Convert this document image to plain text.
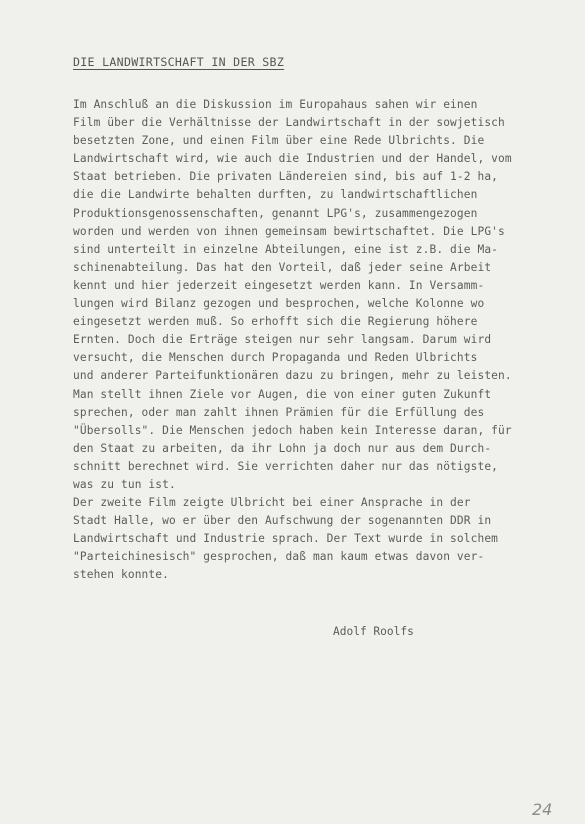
DIE LANDWIRTSCHAFT IN DER SBZ
Im Anschluß an die Diskussion im Europahaus sahen wir einen
Film über die Verhältnisse der Landwirtschaft in der sowjetisch
besetzten Zone, und einen Film über eine Rede Ulbrichts. Die
Landwirtschaft wird, wie auch die Industrien und der Handel, vom
Staat betrieben. Die privaten Ländereien sind, bis auf 1-2 ha,
die die Landwirte behalten durften, zu landwirtschaftlichen
Produktionsgenossenschaften, genannt LPG's, zusammengezogen
worden und werden von ihnen gemeinsam bewirtschaftet. Die LPG's
sind unterteilt in einzelne Abteilungen, eine ist z.B. die Ma-
schinenabteilung. Das hat den Vorteil, daß jeder seine Arbeit
kennt und hier jederzeit eingesetzt werden kann. In Versamm-
lungen wird Bilanz gezogen und besprochen, welche Kolonne wo
eingesetzt werden muß. So erhofft sich die Regierung höhere
Ernten. Doch die Erträge steigen nur sehr langsam. Darum wird
versucht, die Menschen durch Propaganda und Reden Ulbrichts
und anderer Parteifunktionären dazu zu bringen, mehr zu leisten.
Man stellt ihnen Ziele vor Augen, die von einer guten Zukunft
sprechen, oder man zahlt ihnen Prämien für die Erfüllung des
"Übersolls". Die Menschen jedoch haben kein Interesse daran, für
den Staat zu arbeiten, da ihr Lohn ja doch nur aus dem Durch-
schnitt berechnet wird. Sie verrichten daher nur das nötigste,
was zu tun ist.
Der zweite Film zeigte Ulbricht bei einer Ansprache in der
Stadt Halle, wo er über den Aufschwung der sogenannten DDR in
Landwirtschaft und Industrie sprach. Der Text wurde in solchem
"Parteichinesisch" gesprochen, daß man kaum etwas davon ver-
stehen konnte.
Adolf Roolfs
24
